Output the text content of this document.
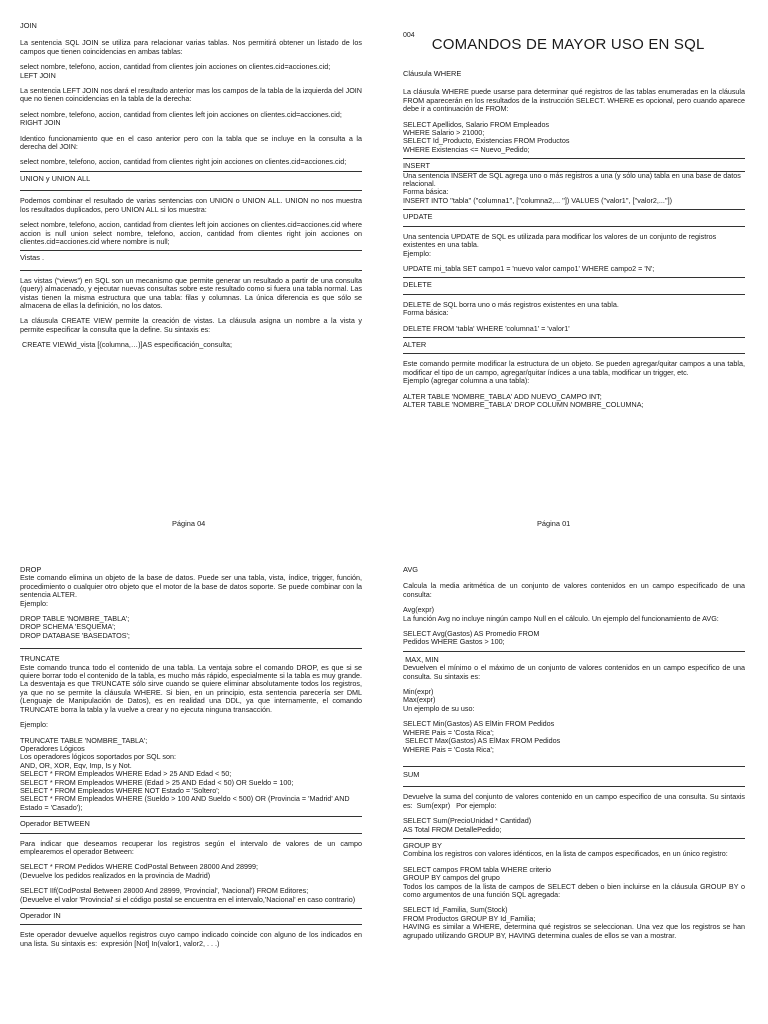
JOIN

La sentencia SQL JOIN se utiliza para relacionar varias tablas. Nos permitirá obtener un listado de los campos que tienen coincidencias en ambas tablas:

select nombre, telefono, accion, cantidad from clientes join acciones on clientes.cid=acciones.cid;
LEFT JOIN

La sentencia LEFT JOIN nos dará el resultado anterior mas los campos de la tabla de la izquierda del JOIN que no tienen coincidencias en la tabla de la derecha:

select nombre, telefono, accion, cantidad from clientes left join acciones on clientes.cid=acciones.cid;
RIGHT JOIN

Identico funcionamiento que en el caso anterior pero con la tabla que se incluye en la consulta a la derecha del JOIN:

select nombre, telefono, accion, cantidad from clientes right join acciones on clientes.cid=acciones.cid;
UNION y UNION ALL

Podemos combinar el resultado de varias sentencias con UNION o UNION ALL. UNION no nos muestra los resultados duplicados, pero UNION ALL si los muestra:

select nombre, telefono, accion, cantidad from clientes left join acciones on clientes.cid=acciones.cid where accion is null union select nombre, telefono, accion, cantidad from clientes right join acciones on clientes.cid=acciones.cid where nombre is null;

Vistas .

Las vistas (“views”) en SQL son un mecanismo que permite generar un resultado a partir de una consulta (query) almacenado, y ejecutar nuevas consultas sobre este resultado como si fuera una tabla normal. Las vistas tienen la misma estructura que una tabla: filas y columnas. La única diferencia es que sólo se almacena de ellas la definición, no los datos.

La cláusula CREATE VIEW permite la creación de vistas. La cláusula asigna un nombre a la vista y permite especificar la consulta que la define. Su sintaxis es:

CREATE VIEWid_vista [(columna,…)]AS especificación_consulta;
Página 04
004
COMANDOS DE MAYOR USO EN SQL
Cláusula WHERE

La cláusula WHERE puede usarse para determinar qué registros de las tablas enumeradas en la cláusula FROM aparecerán en los resultados de la instrucción SELECT. WHERE es opcional, pero cuando aparece debe ir a continuación de FROM:

SELECT Apellidos, Salario FROM Empleados
WHERE Salario > 21000;
SELECT Id_Producto, Existencias FROM Productos
WHERE Existencias <= Nuevo_Pedido;
INSERT
Una sentencia INSERT de SQL agrega uno o más registros a una (y sólo una) tabla en una base de datos relacional.
Forma básica:
INSERT INTO ''tabla'' (''columna1'', [''columna2,... '']) VALUES (''valor1'', [''valor2,...''])
UPDATE
Una sentencia UPDATE de SQL es utilizada para modificar los valores de un conjunto de registros existentes en una tabla.
Ejemplo:
UPDATE mi_tabla SET campo1 = 'nuevo valor campo1' WHERE campo2 = 'N';
DELETE
DELETE de SQL borra uno o más registros existentes en una tabla.
Forma básica:
DELETE FROM 'tabla' WHERE 'columna1' = 'valor1'
ALTER

Este comando permite modificar la estructura de un objeto. Se pueden agregar/quitar campos a una tabla, modificar el tipo de un campo, agregar/quitar índices a una tabla, modificar un trigger, etc.
Ejemplo (agregar columna a una tabla):

ALTER TABLE 'NOMBRE_TABLA' ADD NUEVO_CAMPO INT;
ALTER TABLE 'NOMBRE_TABLA' DROP COLUMN NOMBRE_COLUMNA;
Página 01
DROP

Este comando elimina un objeto de la base de datos. Puede ser una tabla, vista, índice, trigger, función, procedimiento o cualquier otro objeto que el motor de la base de datos soporte. Se puede combinar con la sentencia ALTER.
Ejemplo:

DROP TABLE 'NOMBRE_TABLA';
DROP SCHEMA 'ESQUEMA';
DROP DATABASE 'BASEDATOS';
TRUNCATE

Este comando trunca todo el contenido de una tabla. La ventaja sobre el comando DROP, es que si se quiere borrar todo el contenido de la tabla, es mucho más rápido, especialmente si la tabla es muy grande. La desventaja es que TRUNCATE sólo sirve cuando se quiere eliminar absolutamente todos los registros, ya que no se permite la cláusula WHERE. Si bien, en un principio, esta sentencia parecería ser DML (Lenguaje de Manipulación de Datos), es en realidad una DDL, ya que internamente, el comando TRUNCATE borra la tabla y la vuelve a crear y no ejecuta ninguna transacción.

Ejemplo:
TRUNCATE TABLE 'NOMBRE_TABLA';
Operadores Lógicos
Los operadores lógicos soportados por SQL son:
AND, OR, XOR, Eqv, Imp, Is y Not.
SELECT * FROM Empleados WHERE Edad > 25 AND Edad < 50;
SELECT * FROM Empleados WHERE (Edad > 25 AND Edad < 50) OR Sueldo = 100;
SELECT * FROM Empleados WHERE NOT Estado = 'Soltero';
SELECT * FROM Empleados WHERE (Sueldo > 100 AND Sueldo < 500) OR (Provincia = 'Madrid' AND Estado = 'Casado');
Operador BETWEEN

Para indicar que deseamos recuperar los registros según el intervalo de valores de un campo emplearemos el operador Between:

SELECT * FROM Pedidos WHERE CodPostal Between 28000 And 28999;
(Devuelve los pedidos realizados en la provincia de Madrid)

SELECT IIf(CodPostal Between 28000 And 28999, 'Provincial', 'Nacional') FROM Editores;
(Devuelve el valor 'Provincial' si el código postal se encuentra en el intervalo,'Nacional' en caso contrario)

Operador IN

Este operador devuelve aquellos registros cuyo campo indicado coincide con alguno de los indicados en una lista. Su sintaxis es:  expresión [Not] In(valor1, valor2, . . .)

AVG

Calcula la media aritmética de un conjunto de valores contenidos en un campo especificado de una consulta:

Avg(expr)
La función Avg no incluye ningún campo Null en el cálculo. Un ejemplo del funcionamiento de AVG:
SELECT Avg(Gastos) AS Promedio FROM
Pedidos WHERE Gastos > 100;
MAX, MIN

Devuelven el mínimo o el máximo de un conjunto de valores contenidos en un campo especifico de una consulta. Su sintaxis es:

Min(expr)
Max(expr)
Un ejemplo de su uso:
SELECT Min(Gastos) AS ElMin FROM Pedidos
WHERE Pais = 'Costa Rica';
SELECT Max(Gastos) AS ElMax FROM Pedidos
WHERE Pais = 'Costa Rica';
SUM

Devuelve la suma del conjunto de valores contenido en un campo especifico de una consulta. Su sintaxis es:  Sum(expr)   Por ejemplo:

SELECT Sum(PrecioUnidad * Cantidad)
AS Total FROM DetallePedido;
GROUP BY

Combina los registros con valores idénticos, en la lista de campos especificados, en un único registro:

SELECT campos FROM tabla WHERE criterio
GROUP BY campos del grupo
Todos los campos de la lista de campos de SELECT deben o bien incluirse en la cláusula GROUP BY o como argumentos de una función SQL agregada:

SELECT Id_Familia, Sum(Stock)
FROM Productos GROUP BY Id_Familia;
HAVING es similar a WHERE, determina qué registros se seleccionan. Una vez que los registros se han agrupado utilizando GROUP BY, HAVING determina cuales de ellos se van a mostrar.
